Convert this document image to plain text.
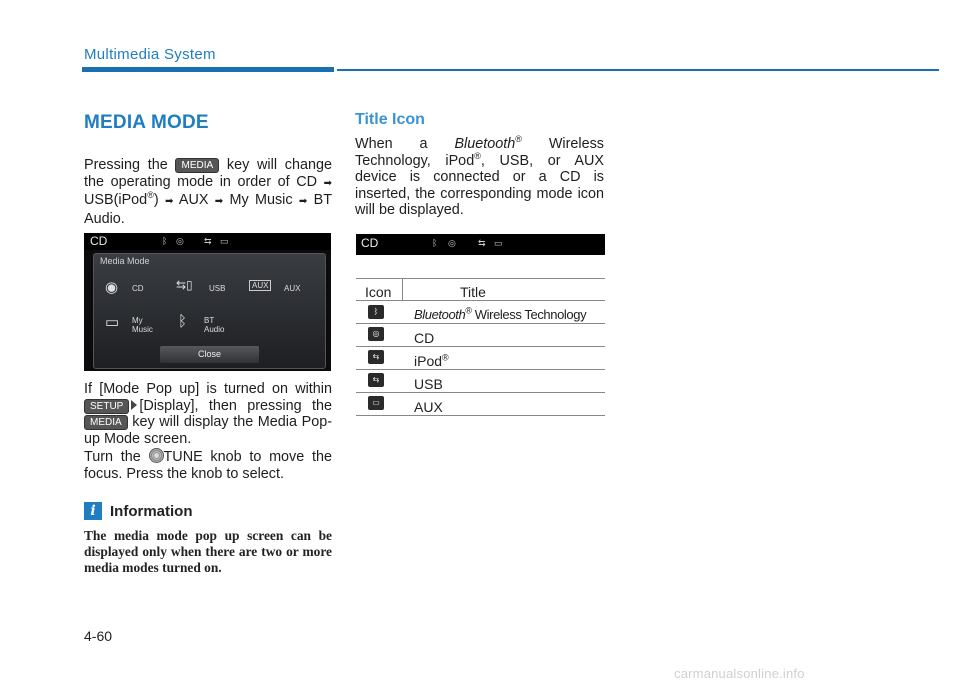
Multimedia System
MEDIA MODE
Pressing the MEDIA key will change the operating mode in order of CD ➡ USB(iPod®) ➡ AUX ➡ My Music ➡ BT Audio.
CD	ᛒ ◎ ⇆ ▭
Media Mode
◉ CD	⇆▯ USB	AUX	AUX
▭ My
Music ᛒ BT
Audio
Close
If [Mode Pop up] is turned on within SETUP [Display], then pressing the MEDIA key will display the Media Pop-up Mode screen.
Turn the TUNE knob to move the focus. Press the knob to select.
i Information
The media mode pop up screen can be displayed only when there are two or more media modes turned on.
Title Icon
When a Bluetooth® Wireless Technology, iPod®, USB, or AUX device is connected or a CD is inserted, the corresponding mode icon will be displayed.
CD	ᛒ ◎ ⇆ ▭
Icon	Title
ᛒ	Bluetooth® Wireless Technology
◎	CD
⇆	iPod®
⇆	USB
▭	AUX
4-60
carmanualsonline.info
